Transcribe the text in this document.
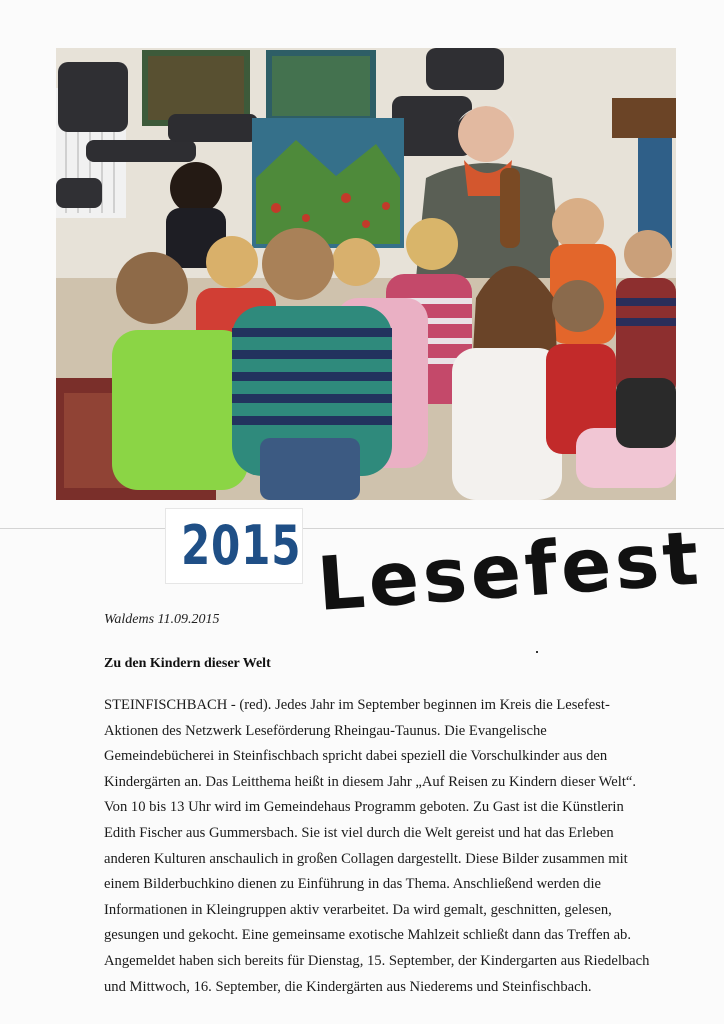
2015 Lesefest
Waldems 11.09.2015
Zu den Kindern dieser Welt
STEINFISCHBACH - (red). Jedes Jahr im September beginnen im Kreis die Lesefest-
Aktionen des Netzwerk Leseförderung Rheingau-Taunus. Die Evangelische
Gemeindebücherei in Steinfischbach spricht dabei speziell die Vorschulkinder aus den
Kindergärten an. Das Leitthema heißt in diesem Jahr „Auf Reisen zu Kindern dieser Welt“.
Von 10 bis 13 Uhr wird im Gemeindehaus Programm geboten. Zu Gast ist die Künstlerin
Edith Fischer aus Gummersbach. Sie ist viel durch die Welt gereist und hat das Erleben
anderen Kulturen anschaulich in großen Collagen dargestellt. Diese Bilder zusammen mit
einem Bilderbuchkino dienen zu Einführung in das Thema. Anschließend werden die
Informationen in Kleingruppen aktiv verarbeitet. Da wird gemalt, geschnitten, gelesen,
gesungen und gekocht. Eine gemeinsame exotische Mahlzeit schließt dann das Treffen ab.
Angemeldet haben sich bereits für Dienstag, 15. September, der Kindergarten aus Riedelbach
und Mittwoch, 16. September, die Kindergärten aus Niederems und Steinfischbach.
